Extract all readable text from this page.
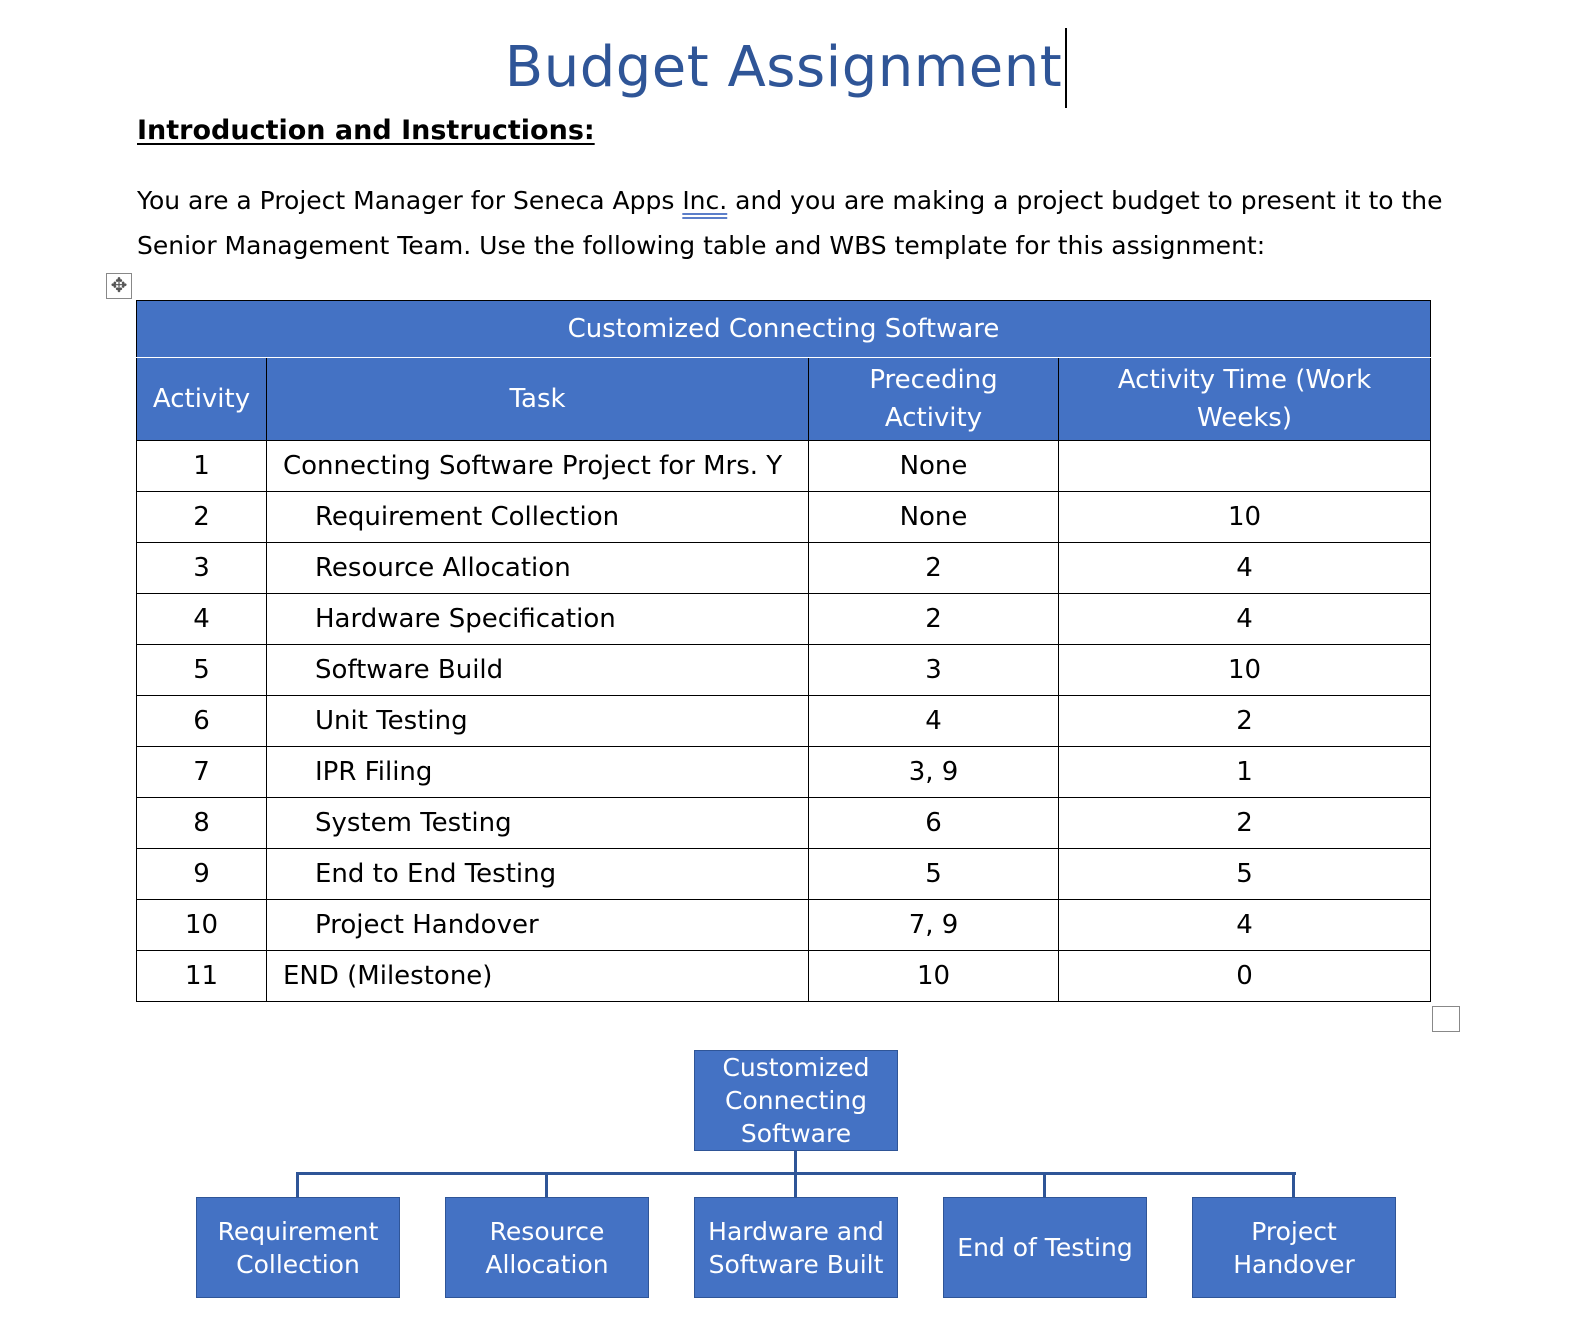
Budget Assignment
Introduction and Instructions:
You are a Project Manager for Seneca Apps Inc. and you are making a project budget to present it to the Senior Management Team. Use the following table and WBS template for this assignment:
✥
Customized Connecting Software			
Activity	Task	Preceding Activity	Activity Time (Work Weeks)
1	Connecting Software Project for Mrs. Y	None	
2	Requirement Collection	None	10
3	Resource Allocation	2	4
4	Hardware Specification	2	4
5	Software Build	3	10
6	Unit Testing	4	2
7	IPR Filing	3, 9	1
8	System Testing	6	2
9	End to End Testing	5	5
10	Project Handover	7, 9	4
11	END (Milestone)	10	0
Customized Connecting Software
Requirement Collection
Resource Allocation
Hardware and Software Built
End of Testing
Project Handover
